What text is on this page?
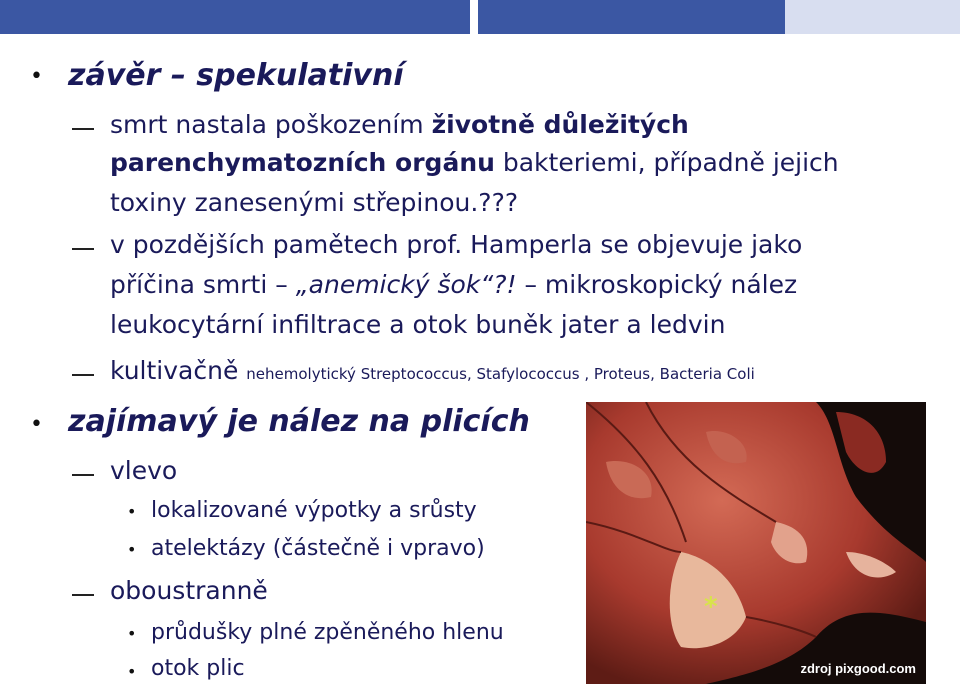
• závěr – spekulativní
smrt nastala poškozením životně důležitých
parenchymatozních orgánu bakteriemi, případně jejich
toxiny zanesenými střepinou.???
v pozdějších pamětech prof. Hamperla se objevuje jako
příčina smrti – „anemický šok“?! – mikroskopický nález
leukocytární infiltrace a otok buněk jater a ledvin
kultivačně nehemolytický Streptococcus, Stafylococcus , Proteus, Bacteria Coli
• zajímavý je nález na plicích
vlevo
• lokalizované výpotky a srůsty
• atelektázy (částečně i vpravo)
oboustranně
• průdušky plné zpěněného hlenu
• otok plic
*
zdroj pixgood.com
